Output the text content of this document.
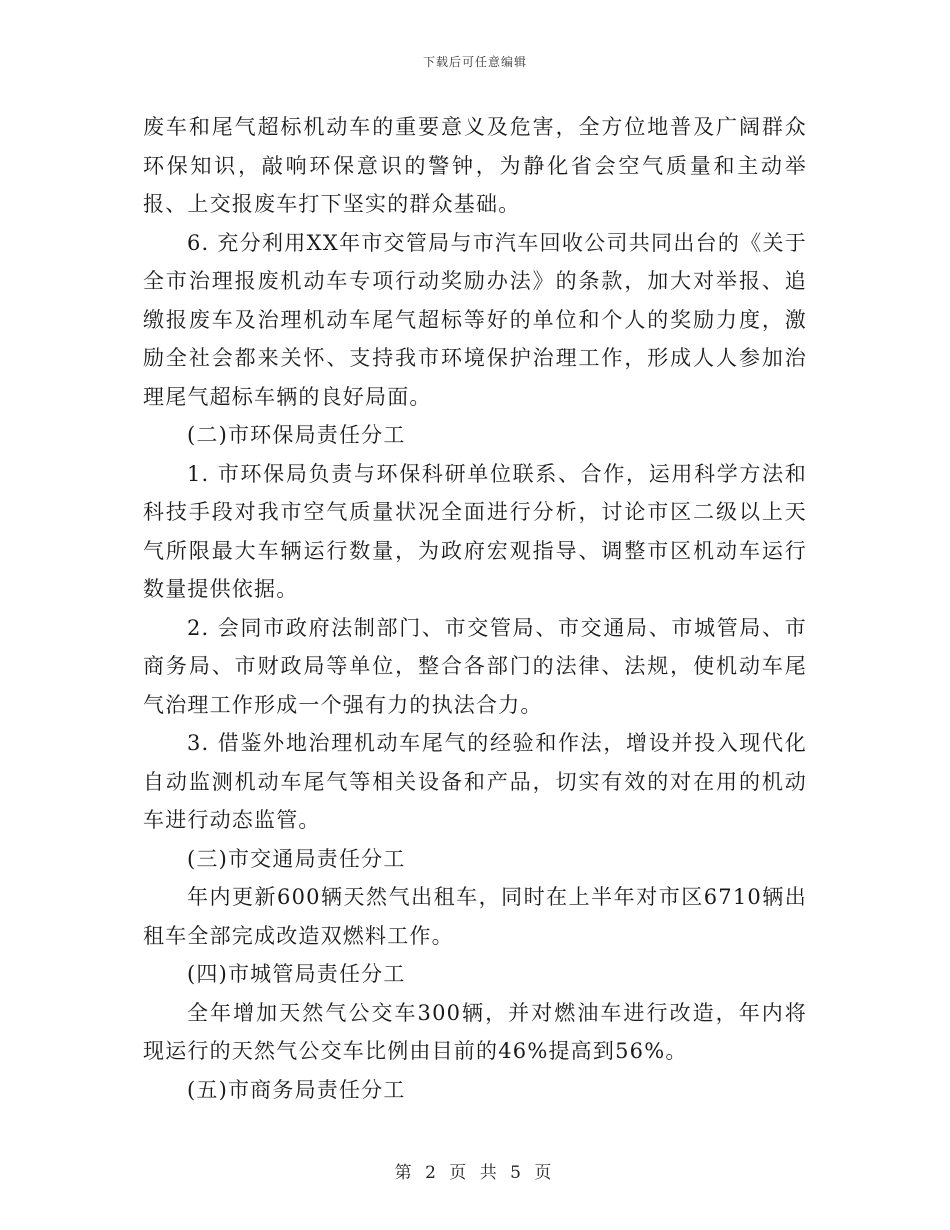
下载后可任意编辑

废车和尾气超标机动车的重要意义及危害，全方位地普及广阔群众环保知识，敲响环保意识的警钟，为静化省会空气质量和主动举报、上交报废车打下坚实的群众基础。

6. 充分利用XX年市交管局与市汽车回收公司共同出台的《关于全市治理报废机动车专项行动奖励办法》的条款，加大对举报、追缴报废车及治理机动车尾气超标等好的单位和个人的奖励力度，激励全社会都来关怀、支持我市环境保护治理工作，形成人人参加治理尾气超标车辆的良好局面。

(二)市环保局责任分工

1. 市环保局负责与环保科研单位联系、合作，运用科学方法和科技手段对我市空气质量状况全面进行分析，讨论市区二级以上天气所限最大车辆运行数量，为政府宏观指导、调整市区机动车运行数量提供依据。

2. 会同市政府法制部门、市交管局、市交通局、市城管局、市商务局、市财政局等单位，整合各部门的法律、法规，使机动车尾气治理工作形成一个强有力的执法合力。

3. 借鉴外地治理机动车尾气的经验和作法，增设并投入现代化自动监测机动车尾气等相关设备和产品，切实有效的对在用的机动车进行动态监管。

(三)市交通局责任分工

年内更新600辆天然气出租车，同时在上半年对市区6710辆出租车全部完成改造双燃料工作。

(四)市城管局责任分工

全年增加天然气公交车300辆，并对燃油车进行改造，年内将现运行的天然气公交车比例由目前的46%提高到56%。

(五)市商务局责任分工

第 2 页 共 5 页
